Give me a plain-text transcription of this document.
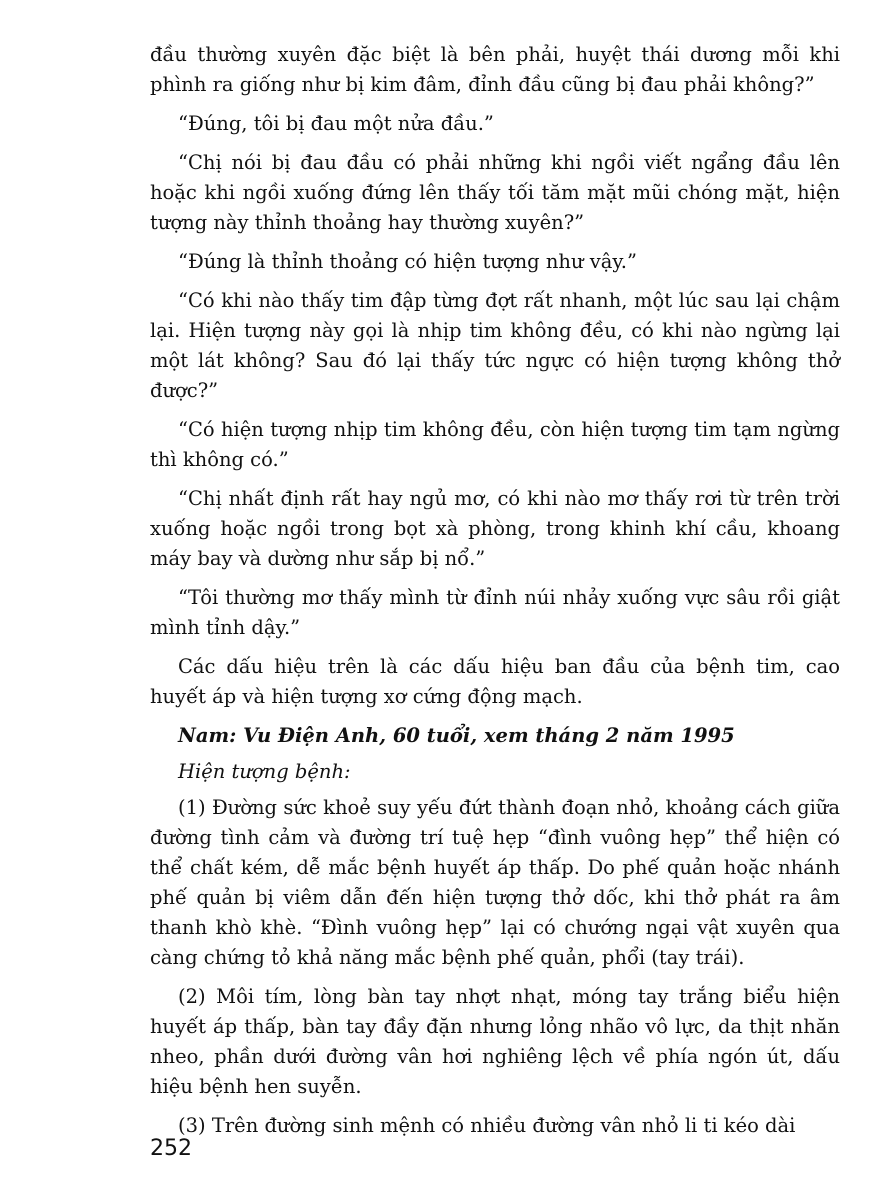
đầu thường xuyên đặc biệt là bên phải, huyệt thái dương mỗi khi phình ra giống như bị kim đâm, đỉnh đầu cũng bị đau phải không?”

“Đúng, tôi bị đau một nửa đầu.”

“Chị nói bị đau đầu có phải những khi ngồi viết ngẩng đầu lên hoặc khi ngồi xuống đứng lên thấy tối tăm mặt mũi chóng mặt, hiện tượng này thỉnh thoảng hay thường xuyên?”

“Đúng là thỉnh thoảng có hiện tượng như vậy.”

“Có khi nào thấy tim đập từng đợt rất nhanh, một lúc sau lại chậm lại. Hiện tượng này gọi là nhịp tim không đều, có khi nào ngừng lại một lát không? Sau đó lại thấy tức ngực có hiện tượng không thở được?”

“Có hiện tượng nhịp tim không đều, còn hiện tượng tim tạm ngừng thì không có.”

“Chị nhất định rất hay ngủ mơ, có khi nào mơ thấy rơi từ trên trời xuống hoặc ngồi trong bọt xà phòng, trong khinh khí cầu, khoang máy bay và dường như sắp bị nổ.”

“Tôi thường mơ thấy mình từ đỉnh núi nhảy xuống vực sâu rồi giật mình tỉnh dậy.”

Các dấu hiệu trên là các dấu hiệu ban đầu của bệnh tim, cao huyết áp và hiện tượng xơ cứng động mạch.

Nam: Vu Điện Anh, 60 tuổi, xem tháng 2 năm 1995

Hiện tượng bệnh:

(1) Đường sức khoẻ suy yếu đứt thành đoạn nhỏ, khoảng cách giữa đường tình cảm và đường trí tuệ hẹp “đình vuông hẹp” thể hiện có thể chất kém, dễ mắc bệnh huyết áp thấp. Do phế quản hoặc nhánh phế quản bị viêm dẫn đến hiện tượng thở dốc, khi thở phát ra âm thanh khò khè. “Đình vuông hẹp” lại có chướng ngại vật xuyên qua càng chứng tỏ khả năng mắc bệnh phế quản, phổi (tay trái).

(2) Môi tím, lòng bàn tay nhợt nhạt, móng tay trắng biểu hiện huyết áp thấp, bàn tay đầy đặn nhưng lỏng nhão vô lực, da thịt nhăn nheo, phần dưới đường vân hơi nghiêng lệch về phía ngón út, dấu hiệu bệnh hen suyễn.

(3) Trên đường sinh mệnh có nhiều đường vân nhỏ li ti kéo dài

252
